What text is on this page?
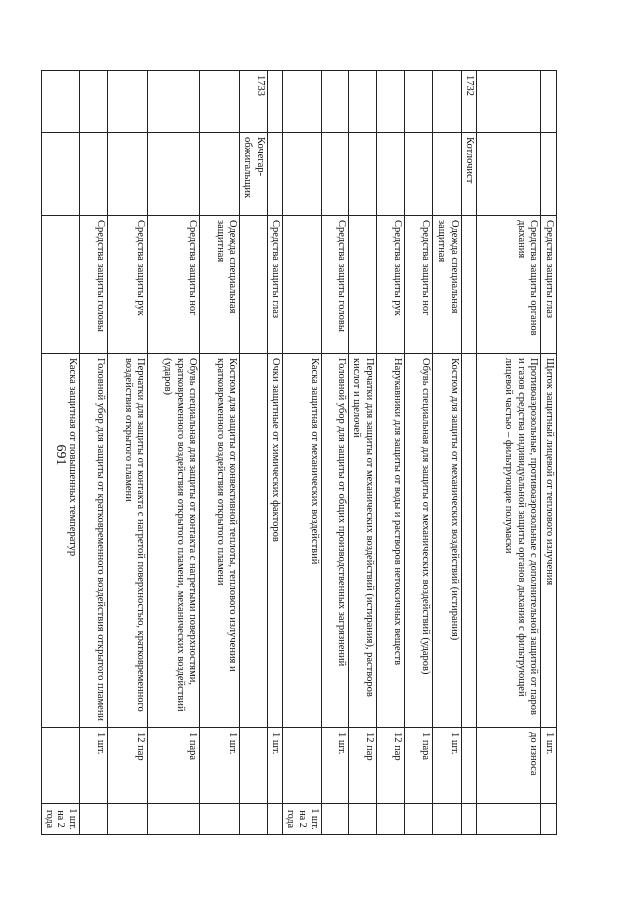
691
		Средства защиты глаз	Щиток защитный лицевой от теплового излучения	1 шт.	
		Средства защиты органов дыхания	Противоаэрозольные, противоаэрозольные с дополнительной защитой от паров и газов средства индивидуальной защиты органов дыхания с фильтрующей лицевой частью – фильтрующие полумаски	до износа	
1732	Котлочист				
		Одежда специальная защитная	Костюм для защиты от механических воздействий (истирания)	1 шт.	
		Средства защиты ног	Обувь специальная для защиты от механических воздействий (ударов)	1 пара	
		Средства защиты рук	Нарукавники для защиты от воды и растворов нетоксичных веществ	12 пар	
			Перчатки для защиты от механических воздействий (истирания), растворов кислот и щелочей	12 пар	
		Средства защиты головы	Головной убор для защиты от общих производственных загрязнений	1 шт.	
			Каска защитная от механических воздействий		1 шт. на 2 года
		Средства защиты глаз	Очки защитные от химических факторов	1 шт.	
1733	Кочегар-обжигальщик				
		Одежда специальная защитная	Костюм для защиты от конвективной теплоты, теплового излучения и кратковременного воздействия открытого пламени	1 шт.	
		Средства защиты ног	Обувь специальная для защиты от контакта с нагретыми поверхностями, кратковременного воздействия открытого пламени, механических воздействий (ударов)	1 пара	
		Средства защиты рук	Перчатки для защиты от контакта с нагретой поверхностью, кратковременного воздействия открытого пламени	12 пар	
		Средства защиты головы	Головной убор для защиты от кратковременного воздействия открытого пламени	1 шт.	
			Каска защитная от повышенных температур		1 шт. на 2 года
